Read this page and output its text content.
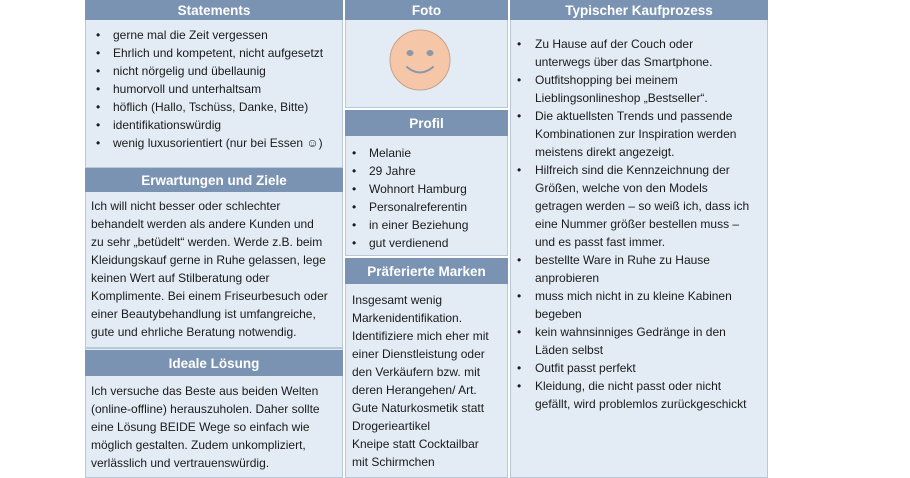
Statements
• gerne mal die Zeit vergessen
• Ehrlich und kompetent, nicht aufgesetzt
• nicht nörgelig und übellaunig
• humorvoll und unterhaltsam
• höflich (Hallo, Tschüss, Danke, Bitte)
• identifikationswürdig
• wenig luxusorientiert (nur bei Essen ☺)
Erwartungen und Ziele
Ich will nicht besser oder schlechter
behandelt werden als andere Kunden und
zu sehr „betüdelt“ werden. Werde z.B. beim
Kleidungskauf gerne in Ruhe gelassen, lege
keinen Wert auf Stilberatung oder
Komplimente. Bei einem Friseurbesuch oder
einer Beautybehandlung ist umfangreiche,
gute und ehrliche Beratung notwendig.
Ideale Lösung
Ich versuche das Beste aus beiden Welten
(online-offline) herauszuholen. Daher sollte
eine Lösung BEIDE Wege so einfach wie
möglich gestalten. Zudem unkompliziert,
verlässlich und vertrauenswürdig.
Foto
Profil
• Melanie
• 29 Jahre
• Wohnort Hamburg
• Personalreferentin
• in einer Beziehung
• gut verdienend
Präferierte Marken
Insgesamt wenig
Markenidentifikation.
Identifiziere mich eher mit
einer Dienstleistung oder
den Verkäufern bzw. mit
deren Herangehen/ Art.
Gute Naturkosmetik statt
Drogerieartikel
Kneipe statt Cocktailbar
mit Schirmchen
Typischer Kaufprozess
• Zu Hause auf der Couch oder
unterwegs über das Smartphone.
• Outfitshopping bei meinem
Lieblingsonlineshop „Bestseller“.
• Die aktuellsten Trends und passende
Kombinationen zur Inspiration werden
meistens direkt angezeigt.
• Hilfreich sind die Kennzeichnung der
Größen, welche von den Models
getragen werden – so weiß ich, dass ich
eine Nummer größer bestellen muss –
und es passt fast immer.
• bestellte Ware in Ruhe zu Hause
anprobieren
• muss mich nicht in zu kleine Kabinen
begeben
• kein wahnsinniges Gedränge in den
Läden selbst
• Outfit passt perfekt
• Kleidung, die nicht passt oder nicht
gefällt, wird problemlos zurückgeschickt
